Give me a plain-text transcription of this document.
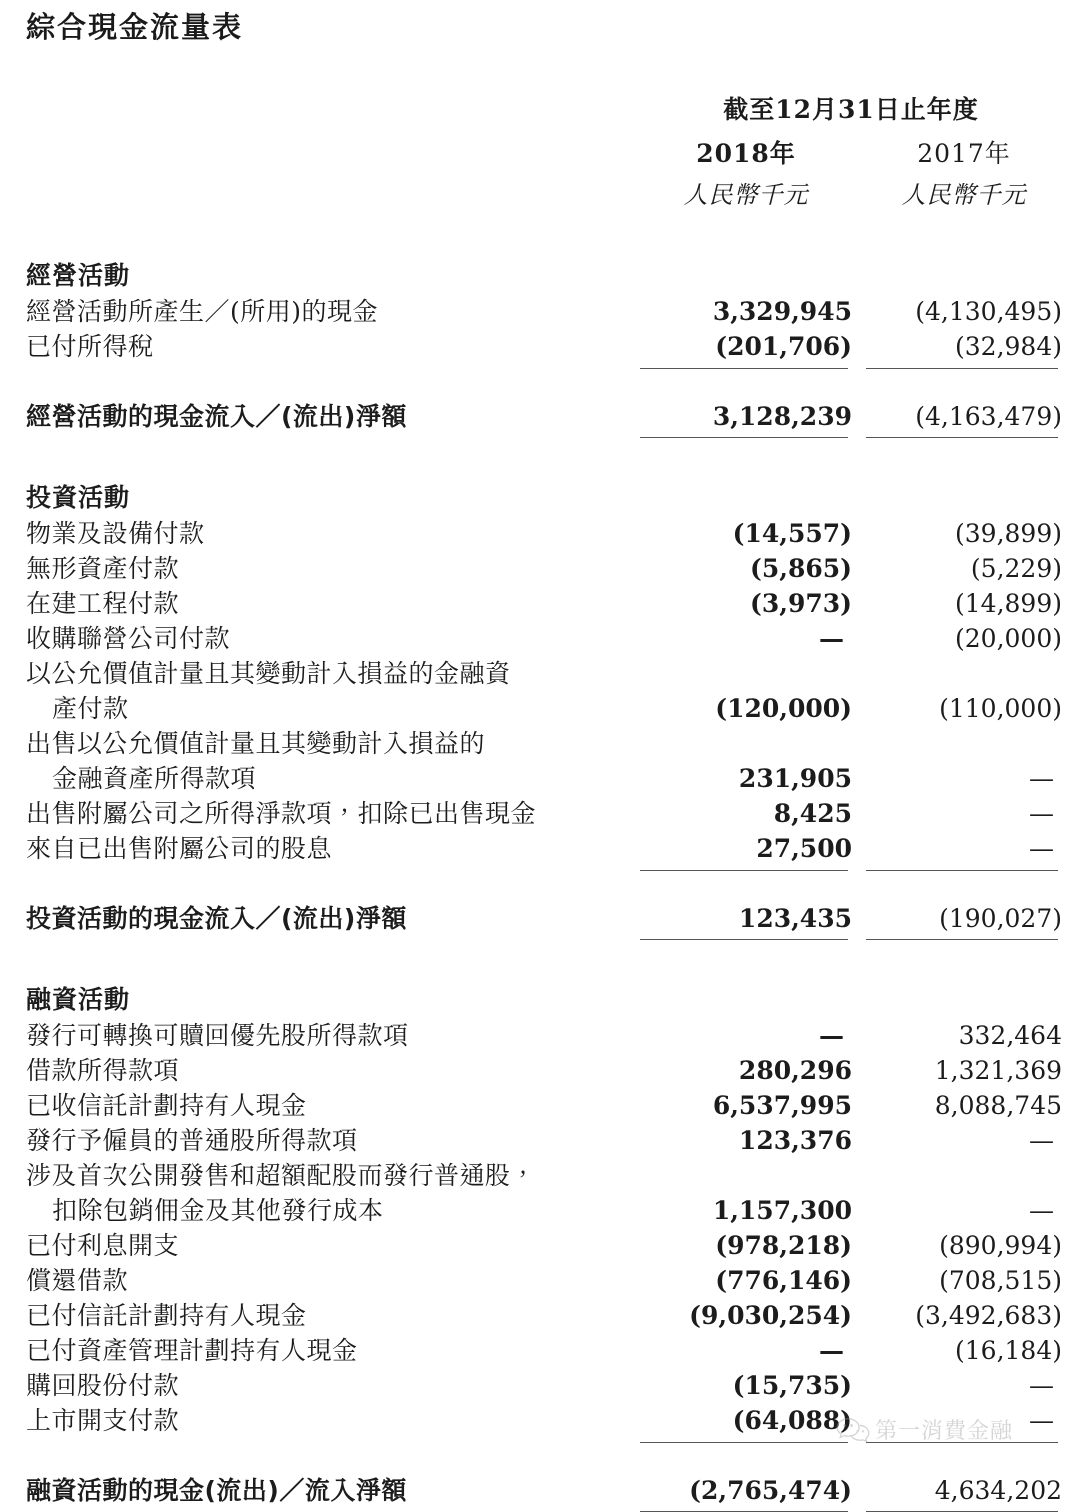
綜合現金流量表

	截至12月31日止年度		
	2018年		2017年
	人民幣千元		人民幣千元

經營活動			
經營活動所產生／(所用)的現金	3,329,945		(4,130,495)
已付所得稅	(201,706)		(32,984)

經營活動的現金流入／(流出)淨額	3,128,239		(4,163,479)

投資活動			
物業及設備付款	(14,557)		(39,899)
無形資產付款	(5,865)		(5,229)
在建工程付款	(3,973)		(14,899)
收購聯營公司付款	—		(20,000)
以公允價值計量且其變動計入損益的金融資			
產付款	(120,000)		(110,000)
出售以公允價值計量且其變動計入損益的			
金融資產所得款項	231,905		—
出售附屬公司之所得淨款項，扣除已出售現金	8,425		—
來自已出售附屬公司的股息	27,500		—

投資活動的現金流入／(流出)淨額	123,435		(190,027)

融資活動			
發行可轉換可贖回優先股所得款項	—		332,464
借款所得款項	280,296		1,321,369
已收信託計劃持有人現金	6,537,995		8,088,745
發行予僱員的普通股所得款項	123,376		—
涉及首次公開發售和超額配股而發行普通股，			
扣除包銷佣金及其他發行成本	1,157,300		—
已付利息開支	(978,218)		(890,994)
償還借款	(776,146)		(708,515)
已付信託計劃持有人現金	(9,030,254)		(3,492,683)
已付資產管理計劃持有人現金	—		(16,184)
購回股份付款	(15,735)		—
上市開支付款	(64,088)		—

融資活動的現金(流出)／流入淨額	(2,765,474)		4,634,202

第一消費金融
